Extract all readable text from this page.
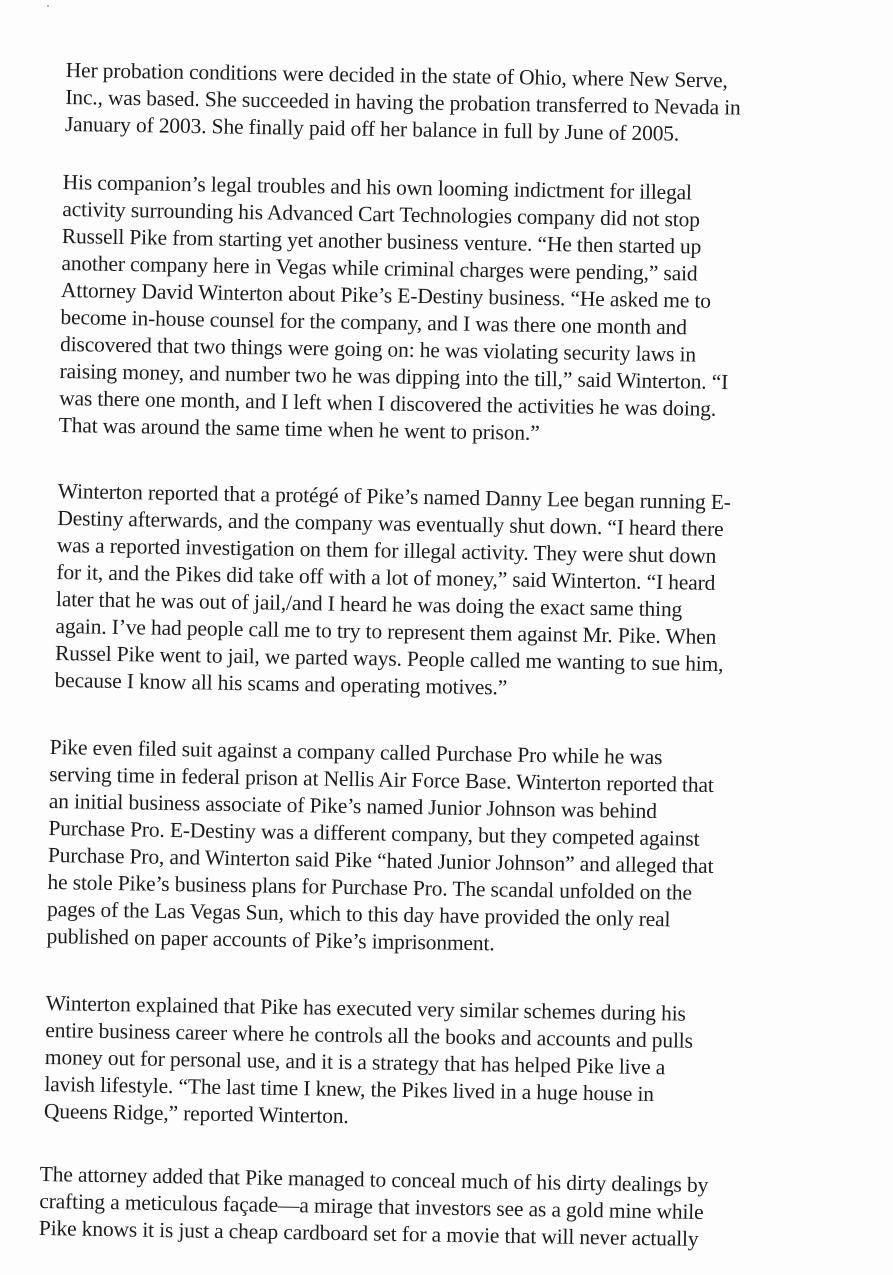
Her probation conditions were decided in the state of Ohio, where New Serve,
Inc., was based. She succeeded in having the probation transferred to Nevada in
January of 2003. She finally paid off her balance in full by June of 2005.
His companion’s legal troubles and his own looming indictment for illegal
activity surrounding his Advanced Cart Technologies company did not stop
Russell Pike from starting yet another business venture. “He then started up
another company here in Vegas while criminal charges were pending,” said
Attorney David Winterton about Pike’s E-Destiny business. “He asked me to
become in-house counsel for the company, and I was there one month and
discovered that two things were going on: he was violating security laws in
raising money, and number two he was dipping into the till,” said Winterton. “I
was there one month, and I left when I discovered the activities he was doing.
That was around the same time when he went to prison.”
Winterton reported that a protégé of Pike’s named Danny Lee began running E-
Destiny afterwards, and the company was eventually shut down. “I heard there
was a reported investigation on them for illegal activity. They were shut down
for it, and the Pikes did take off with a lot of money,” said Winterton. “I heard
later that he was out of jail,/and I heard he was doing the exact same thing
again. I’ve had people call me to try to represent them against Mr. Pike. When
Russel Pike went to jail, we parted ways. People called me wanting to sue him,
because I know all his scams and operating motives.”
Pike even filed suit against a company called Purchase Pro while he was
serving time in federal prison at Nellis Air Force Base. Winterton reported that
an initial business associate of Pike’s named Junior Johnson was behind
Purchase Pro. E-Destiny was a different company, but they competed against
Purchase Pro, and Winterton said Pike “hated Junior Johnson” and alleged that
he stole Pike’s business plans for Purchase Pro. The scandal unfolded on the
pages of the Las Vegas Sun, which to this day have provided the only real
published on paper accounts of Pike’s imprisonment.
Winterton explained that Pike has executed very similar schemes during his
entire business career where he controls all the books and accounts and pulls
money out for personal use, and it is a strategy that has helped Pike live a
lavish lifestyle. “The last time I knew, the Pikes lived in a huge house in
Queens Ridge,” reported Winterton.
The attorney added that Pike managed to conceal much of his dirty dealings by
crafting a meticulous façade—a mirage that investors see as a gold mine while
Pike knows it is just a cheap cardboard set for a movie that will never actually
